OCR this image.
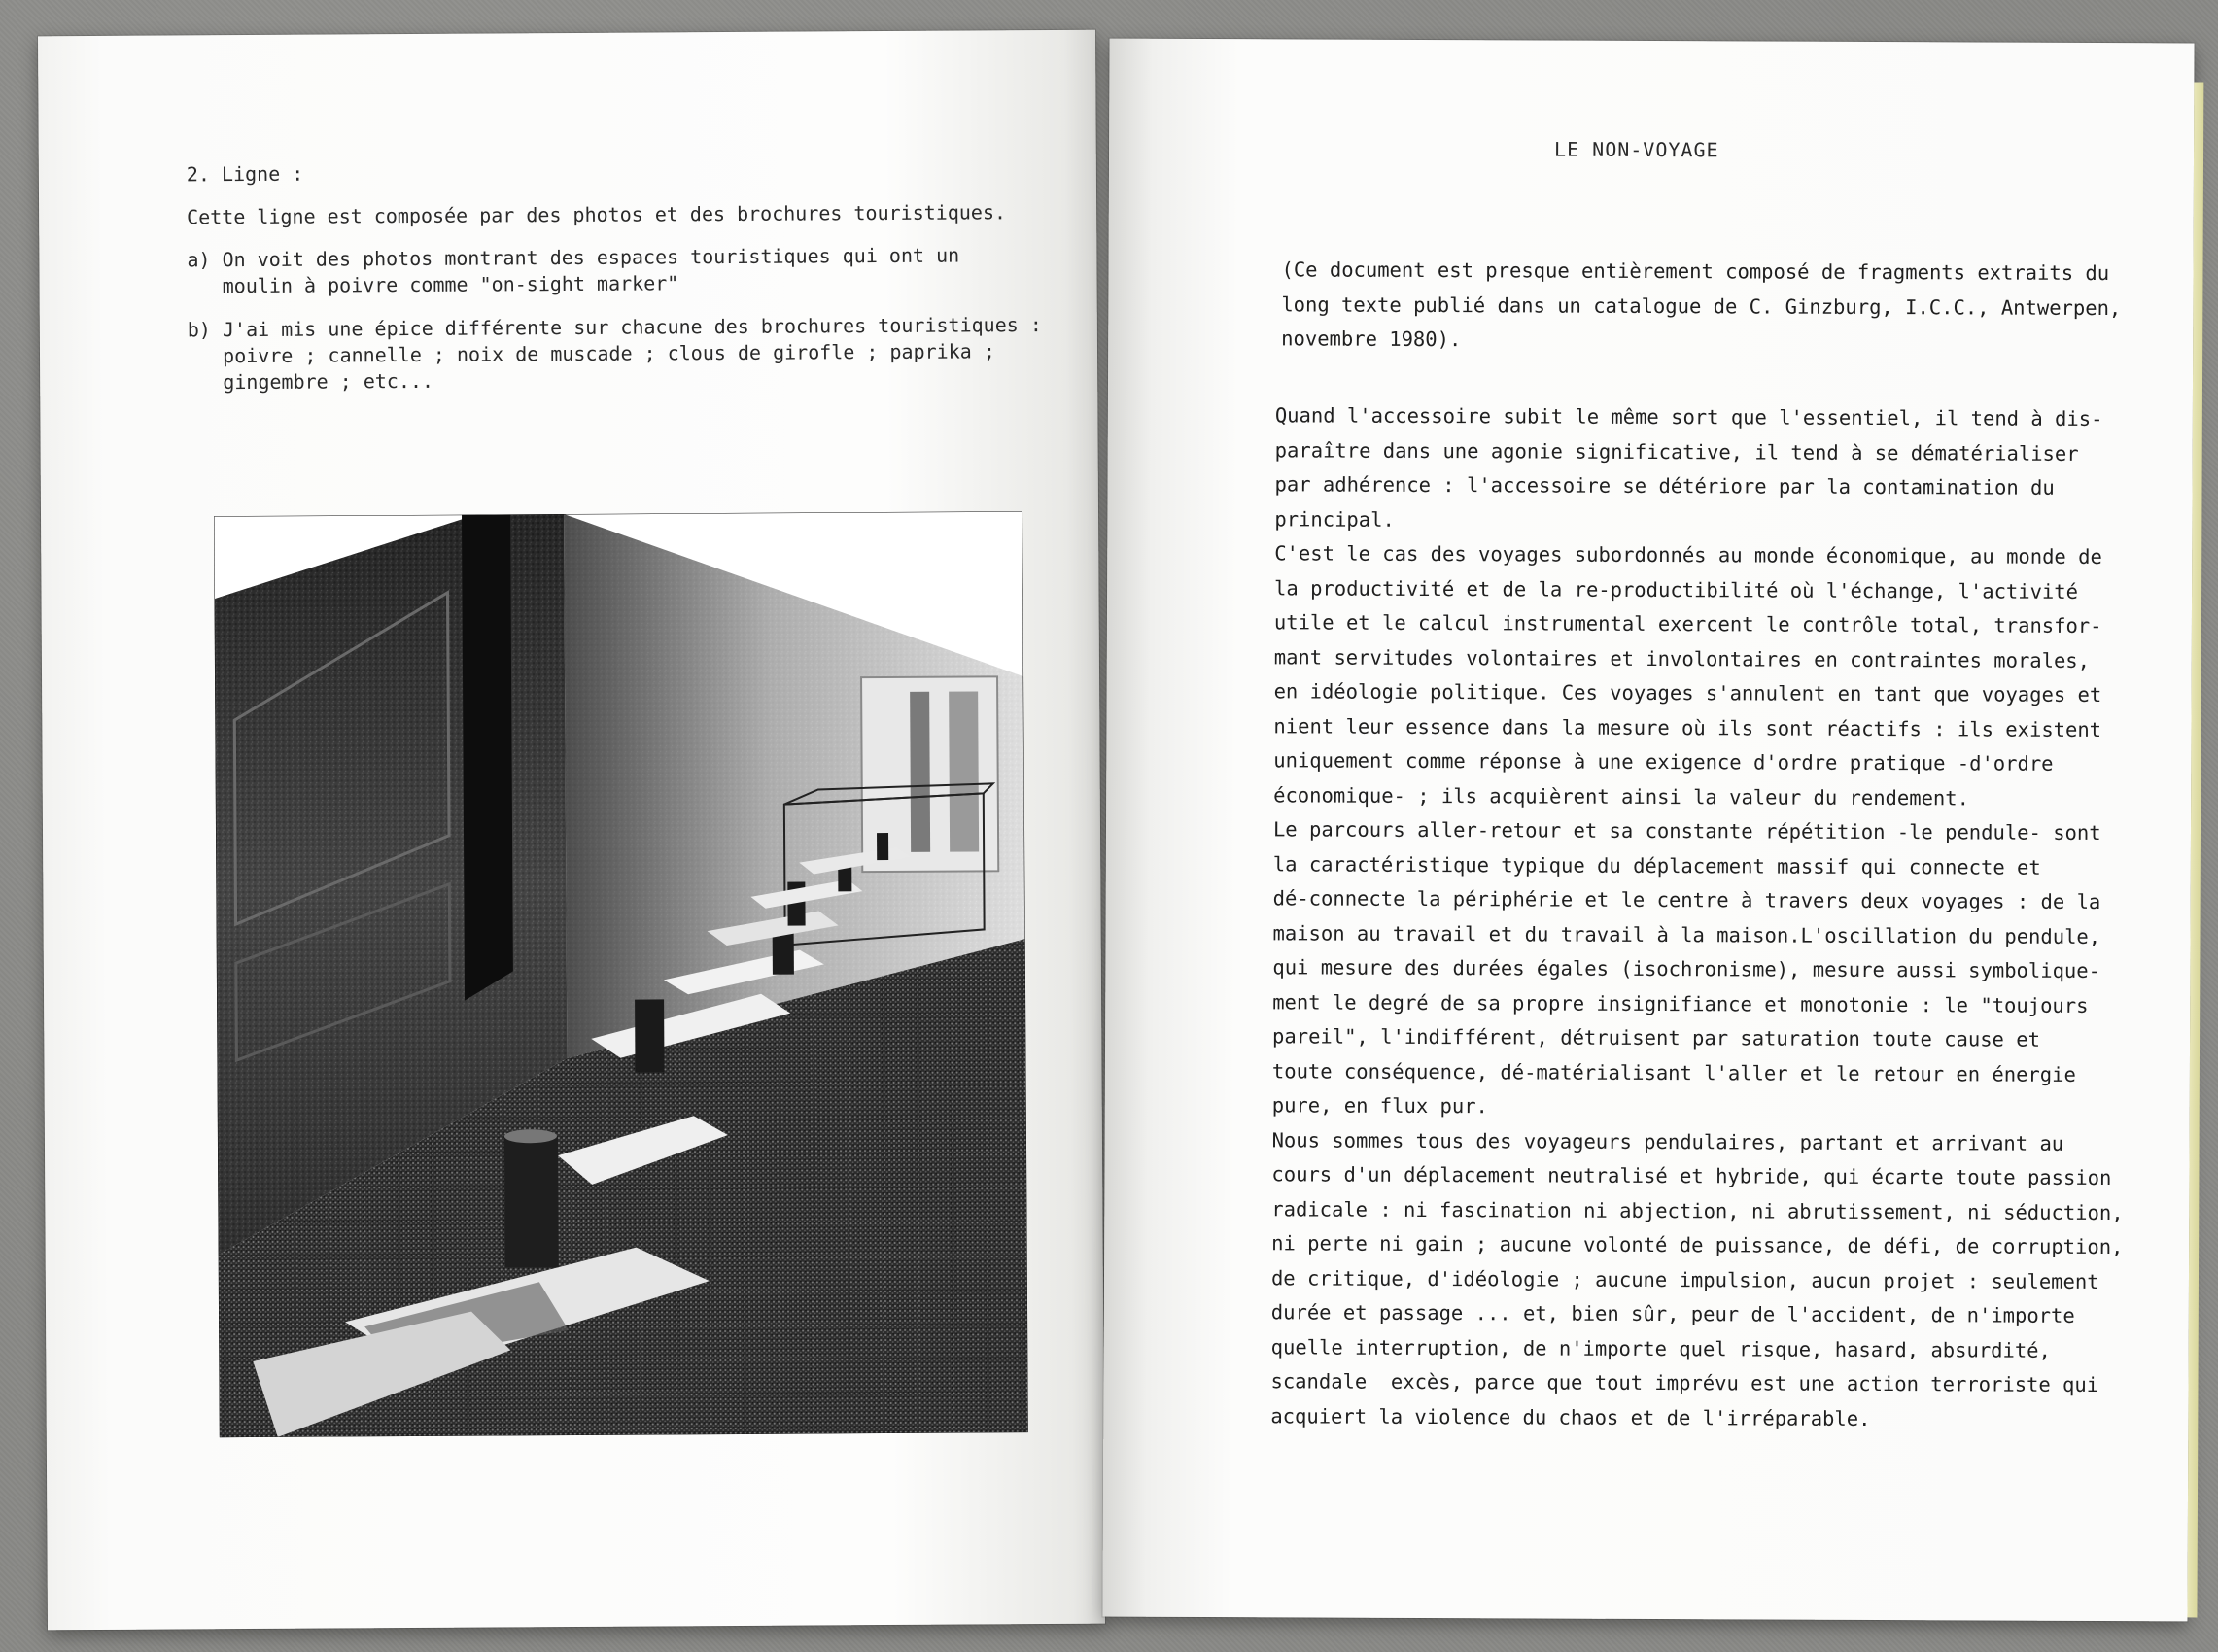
2. Ligne :
Cette ligne est composée par des photos et des brochures touristiques.
a) On voit des photos montrant des espaces touristiques qui ont un
moulin à poivre comme "on-sight marker"
b) J'ai mis une épice différente sur chacune des brochures touristiques :
poivre ; cannelle ; noix de muscade ; clous de girofle ; paprika ;
gingembre ; etc...
LE NON-VOYAGE
(Ce document est presque entièrement composé de fragments extraits du
long texte publié dans un catalogue de C. Ginzburg, I.C.C., Antwerpen,
novembre 1980).
Quand l'accessoire subit le même sort que l'essentiel, il tend à dis-
paraître dans une agonie significative, il tend à se dématérialiser
par adhérence : l'accessoire se détériore par la contamination du
principal.
C'est le cas des voyages subordonnés au monde économique, au monde de
la productivité et de la re-productibilité où l'échange, l'activité
utile et le calcul instrumental exercent le contrôle total, transfor-
mant servitudes volontaires et involontaires en contraintes morales,
en idéologie politique. Ces voyages s'annulent en tant que voyages et
nient leur essence dans la mesure où ils sont réactifs : ils existent
uniquement comme réponse à une exigence d'ordre pratique -d'ordre
économique- ; ils acquièrent ainsi la valeur du rendement.
Le parcours aller-retour et sa constante répétition -le pendule- sont
la caractéristique typique du déplacement massif qui connecte et
dé-connecte la périphérie et le centre à travers deux voyages : de la
maison au travail et du travail à la maison.L'oscillation du pendule,
qui mesure des durées égales (isochronisme), mesure aussi symbolique-
ment le degré de sa propre insignifiance et monotonie : le "toujours
pareil", l'indifférent, détruisent par saturation toute cause et
toute conséquence, dé-matérialisant l'aller et le retour en énergie
pure, en flux pur.
Nous sommes tous des voyageurs pendulaires, partant et arrivant au
cours d'un déplacement neutralisé et hybride, qui écarte toute passion
radicale : ni fascination ni abjection, ni abrutissement, ni séduction,
ni perte ni gain ; aucune volonté de puissance, de défi, de corruption,
de critique, d'idéologie ; aucune impulsion, aucun projet : seulement
durée et passage ... et, bien sûr, peur de l'accident, de n'importe
quelle interruption, de n'importe quel risque, hasard, absurdité,
scandale  excès, parce que tout imprévu est une action terroriste qui
acquiert la violence du chaos et de l'irréparable.
